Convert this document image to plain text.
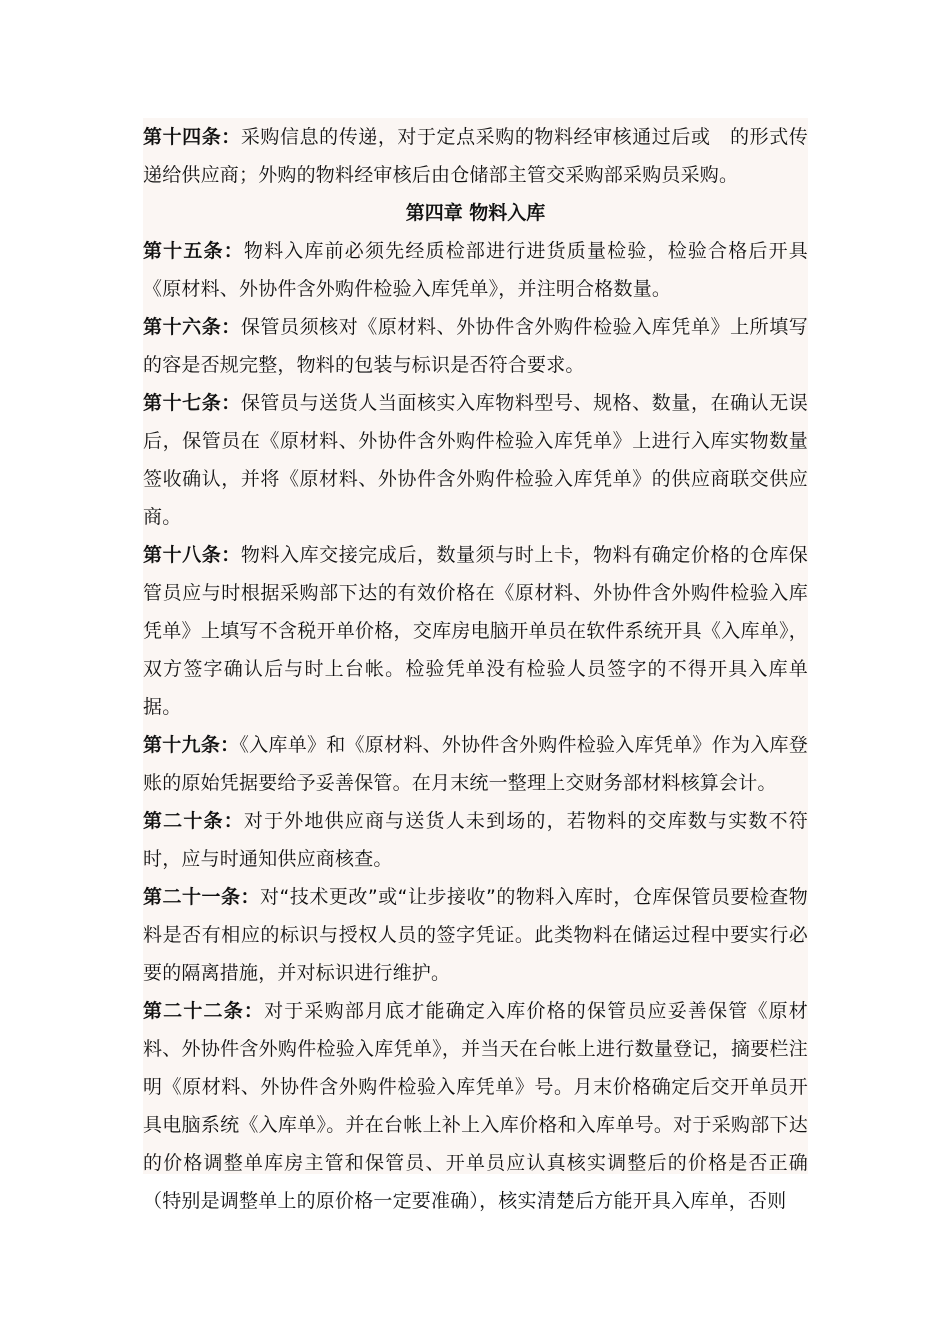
第十四条：采购信息的传递，对于定点采购的物料经审核通过后或　的形式传递给供应商；外购的物料经审核后由仓储部主管交采购部采购员采购。

第四章 物料入库

第十五条：物料入库前必须先经质检部进行进货质量检验，检验合格后开具《原材料、外协件含外购件检验入库凭单》，并注明合格数量。

第十六条：保管员须核对《原材料、外协件含外购件检验入库凭单》上所填写的容是否规完整，物料的包装与标识是否符合要求。

第十七条：保管员与送货人当面核实入库物料型号、规格、数量，在确认无误后，保管员在《原材料、外协件含外购件检验入库凭单》上进行入库实物数量签收确认，并将《原材料、外协件含外购件检验入库凭单》的供应商联交供应商。

第十八条：物料入库交接完成后，数量须与时上卡，物料有确定价格的仓库保管员应与时根据采购部下达的有效价格在《原材料、外协件含外购件检验入库凭单》上填写不含税开单价格，交库房电脑开单员在软件系统开具《入库单》，双方签字确认后与时上台帐。检验凭单没有检验人员签字的不得开具入库单据。

第十九条：《入库单》和《原材料、外协件含外购件检验入库凭单》作为入库登账的原始凭据要给予妥善保管。在月末统一整理上交财务部材料核算会计。

第二十条：对于外地供应商与送货人未到场的，若物料的交库数与实数不符时，应与时通知供应商核查。

第二十一条：对“技术更改”或“让步接收”的物料入库时，仓库保管员要检查物料是否有相应的标识与授权人员的签字凭证。此类物料在储运过程中要实行必要的隔离措施，并对标识进行维护。

第二十二条：对于采购部月底才能确定入库价格的保管员应妥善保管《原材料、外协件含外购件检验入库凭单》，并当天在台帐上进行数量登记，摘要栏注明《原材料、外协件含外购件检验入库凭单》号。月末价格确定后交开单员开具电脑系统《入库单》。并在台帐上补上入库价格和入库单号。对于采购部下达的价格调整单库房主管和保管员、开单员应认真核实调整后的价格是否正确（特别是调整单上的原价格一定要准确），核实清楚后方能开具入库单，否则
